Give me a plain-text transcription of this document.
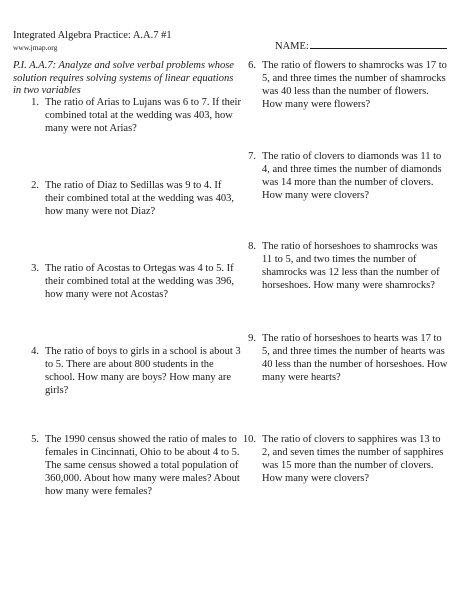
Integrated Algebra Practice: A.A.7 #1
www.jmap.org	NAME:
P.I. A.A.7: Analyze and solve verbal problems whose solution requires solving systems of linear equations in two variables
1. The ratio of Arias to Lujans was 6 to 7. If their combined total at the wedding was 403, how many were not Arias?
2. The ratio of Diaz to Sedillas was 9 to 4. If their combined total at the wedding was 403, how many were not Diaz?
3. The ratio of Acostas to Ortegas was 4 to 5. If their combined total at the wedding was 396, how many were not Acostas?
4. The ratio of boys to girls in a school is about 3 to 5. There are about 800 students in the school. How many are boys? How many are girls?
5. The 1990 census showed the ratio of males to females in Cincinnati, Ohio to be about 4 to 5. The same census showed a total population of 360,000. About how many were males? About how many were females?
6. The ratio of flowers to shamrocks was 17 to 5, and three times the number of shamrocks was 40 less than the number of flowers. How many were flowers?
7. The ratio of clovers to diamonds was 11 to 4, and three times the number of diamonds was 14 more than the number of clovers. How many were clovers?
8. The ratio of horseshoes to shamrocks was 11 to 5, and two times the number of shamrocks was 12 less than the number of horseshoes. How many were shamrocks?
9. The ratio of horseshoes to hearts was 17 to 5, and three times the number of hearts was 40 less than the number of horseshoes. How many were hearts?
10. The ratio of clovers to sapphires was 13 to 2, and seven times the number of sapphires was 15 more than the number of clovers. How many were clovers?
